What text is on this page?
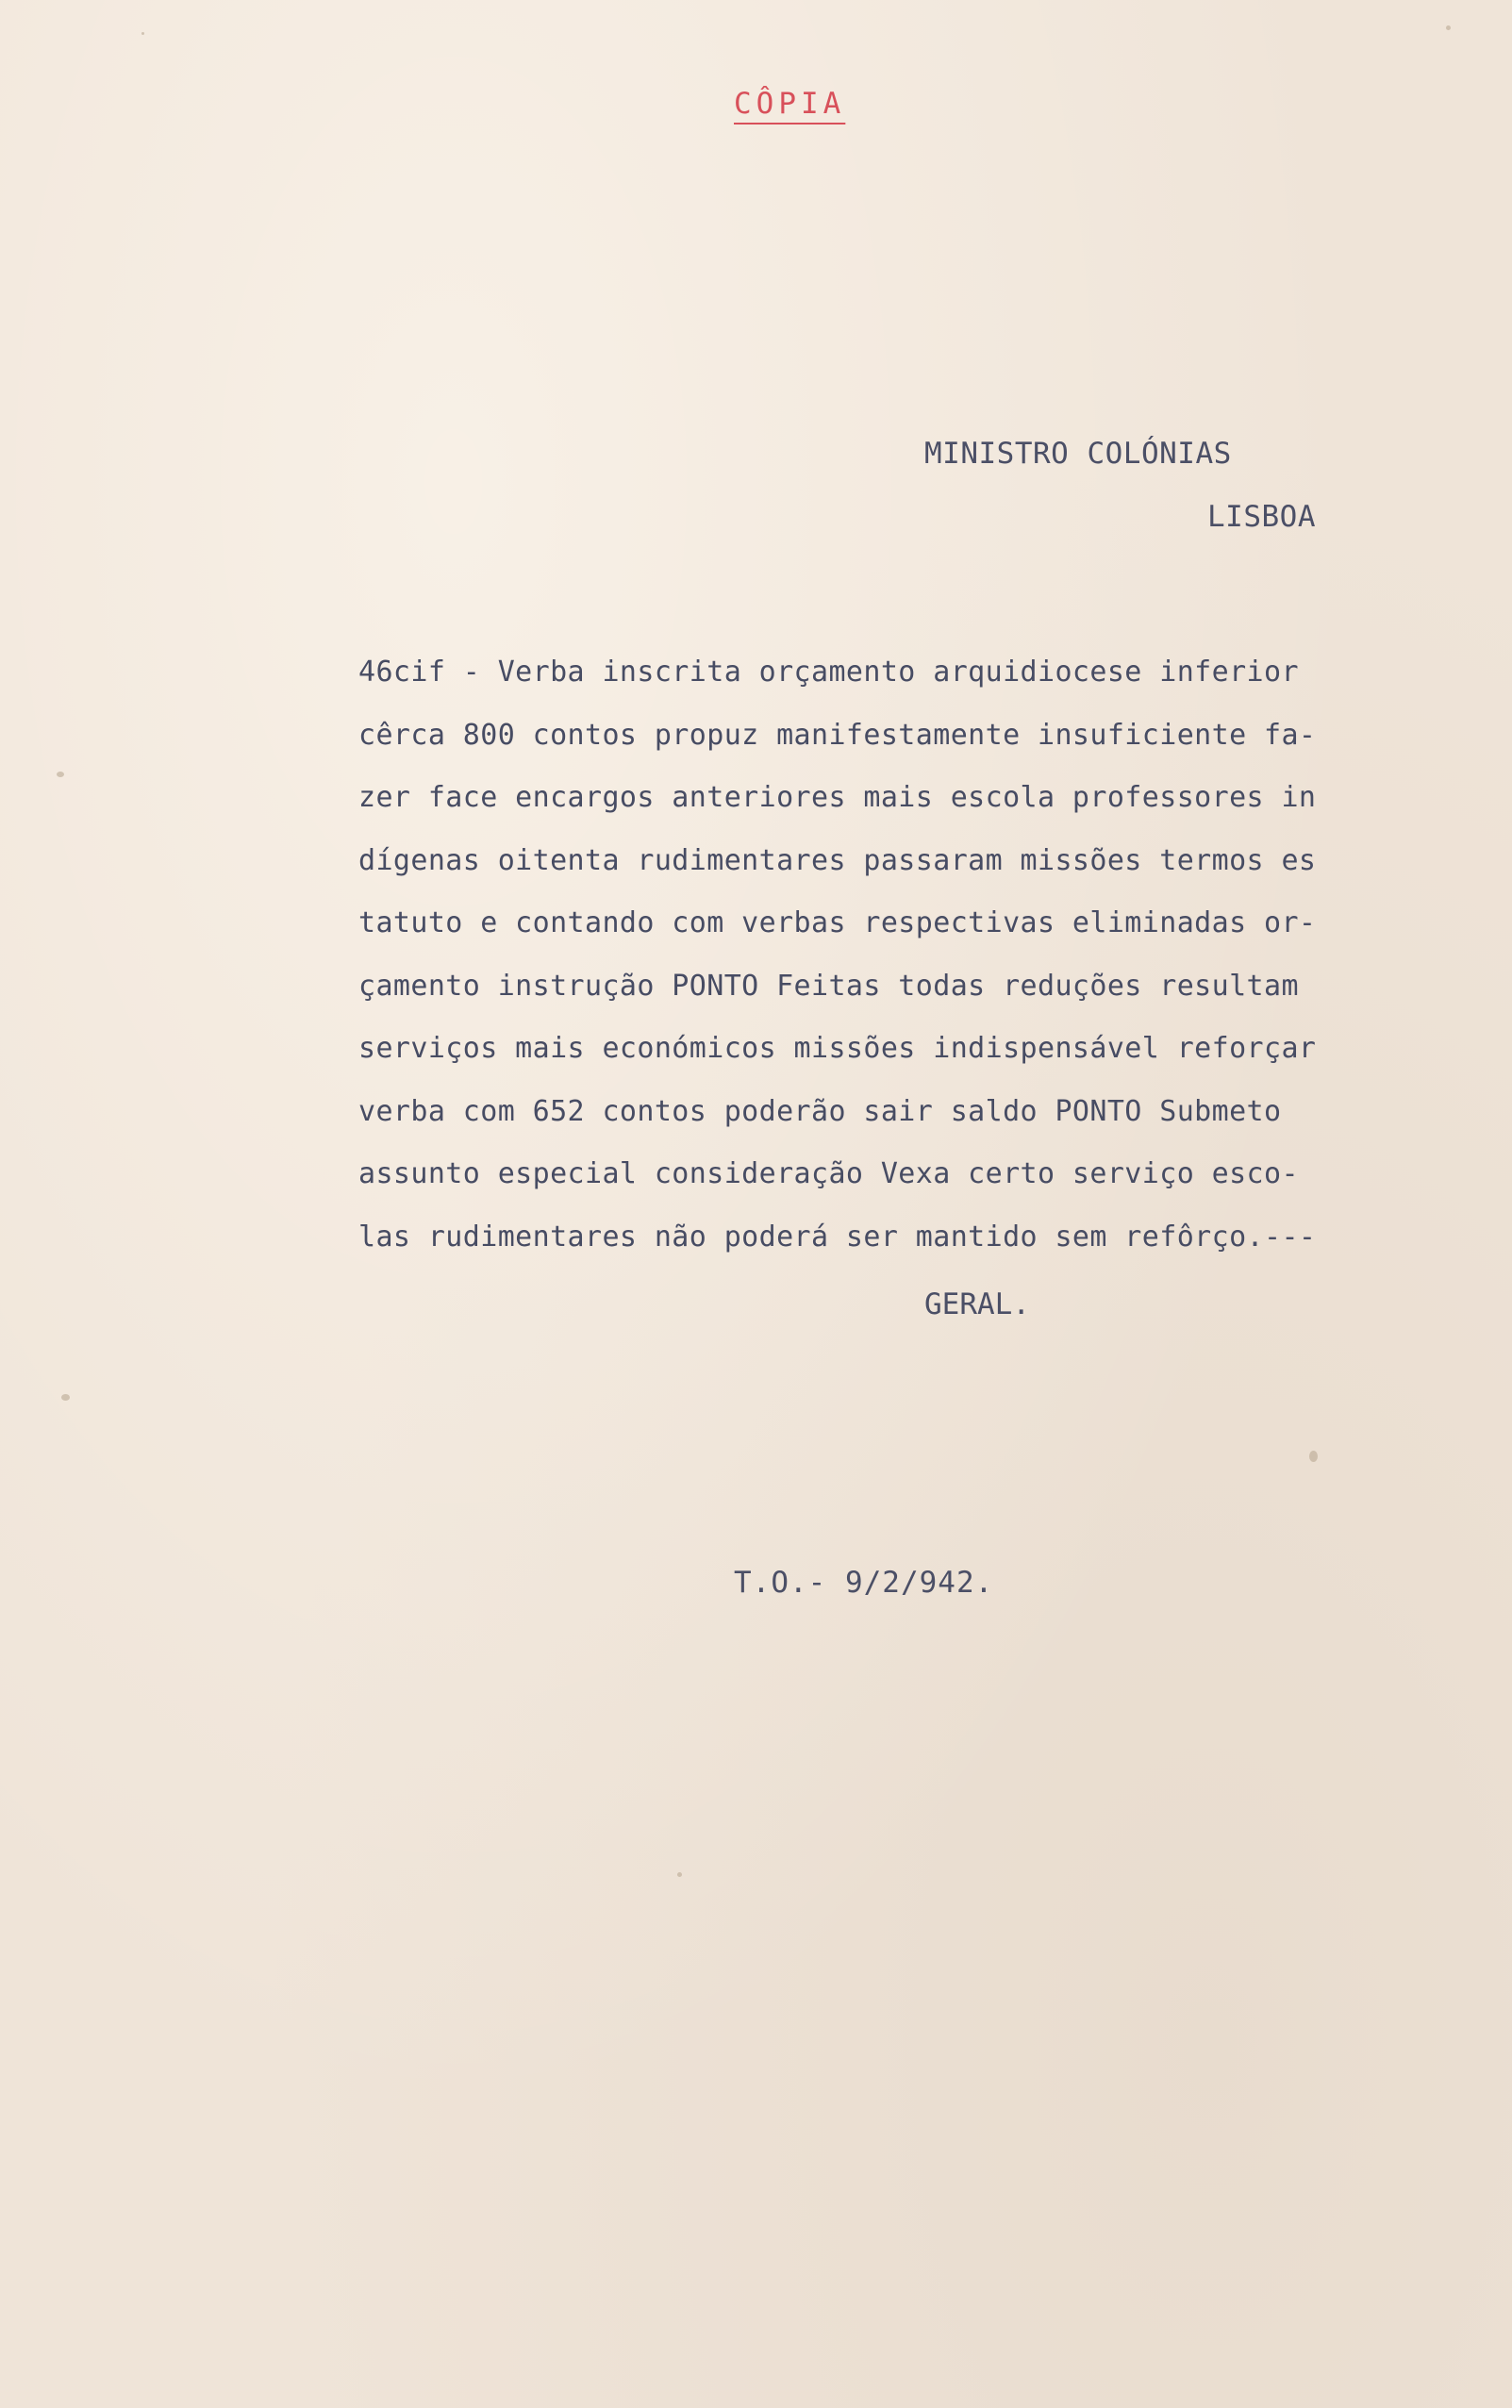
CÔPIA
MINISTRO COLÓNIAS
LISBOA
46cif - Verba inscrita orçamento arquidiocese inferior
cêrca 800 contos propuz manifestamente insuficiente fa-
zer face encargos anteriores mais escola professores in
dígenas oitenta rudimentares passaram missões termos es
tatuto e contando com verbas respectivas eliminadas or-
çamento instrução PONTO Feitas todas reduções resultam
serviços mais económicos missões indispensável reforçar
verba com 652 contos poderão sair saldo PONTO Submeto
assunto especial consideração Vexa certo serviço esco-
las rudimentares não poderá ser mantido sem refôrço.---
GERAL.
T.O.- 9/2/942.
